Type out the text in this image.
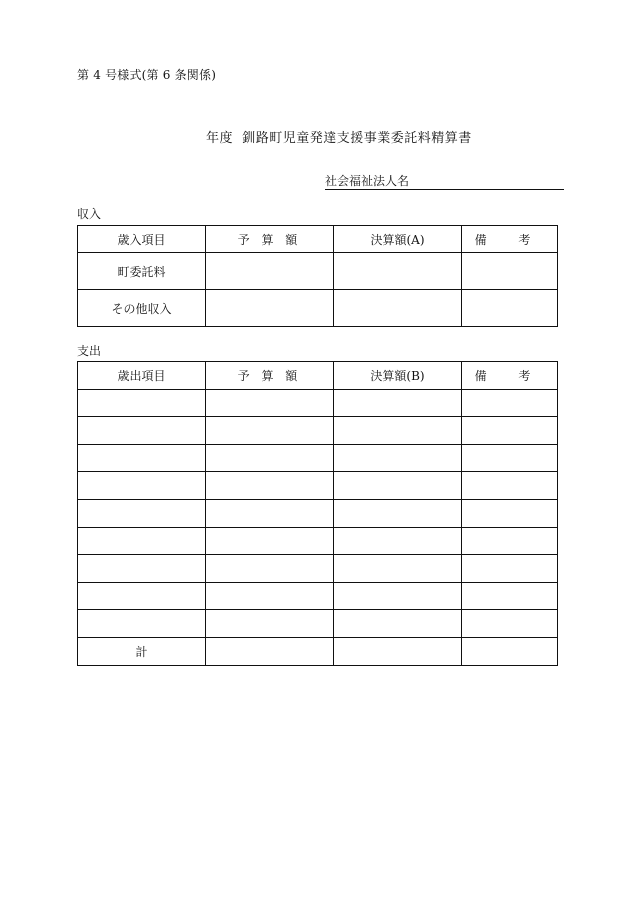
第 4 号様式(第 6 条関係)
年度  釧路町児童発達支援事業委託料精算書
社会福祉法人名
収入
歳入項目	予 算 額	決算額(A)	備 考
町委託料			
その他収入			
支出
歳出項目	予 算 額	決算額(B)	備 考

計			
